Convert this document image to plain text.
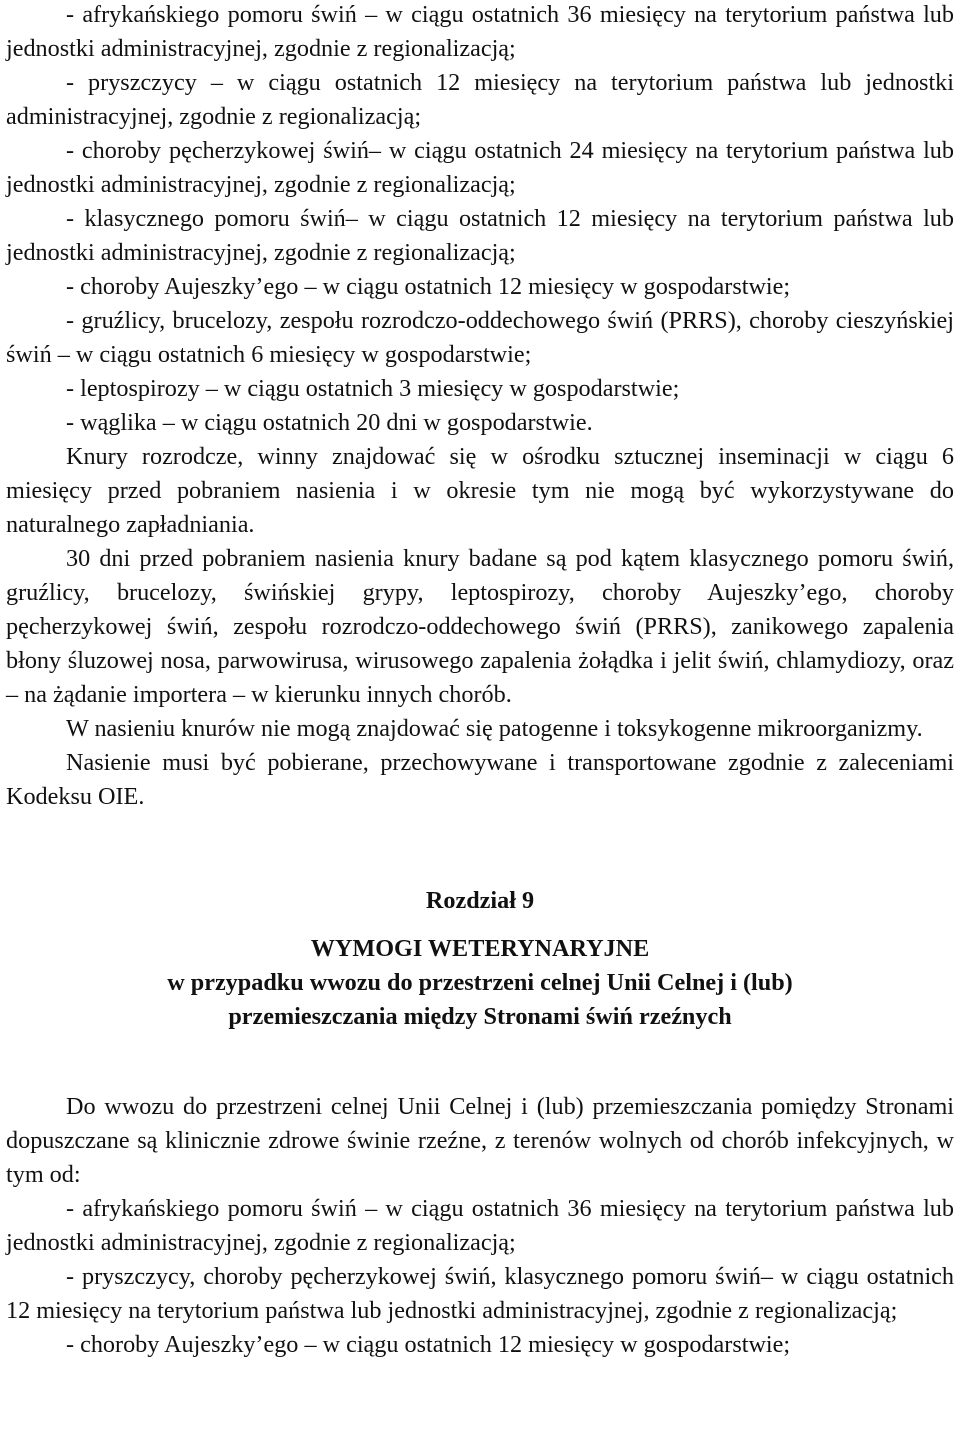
- afrykańskiego pomoru świń – w ciągu ostatnich 36 miesięcy na terytorium państwa lub jednostki administracyjnej, zgodnie z regionalizacją;

- pryszczycy – w ciągu ostatnich 12 miesięcy na terytorium państwa lub jednostki administracyjnej, zgodnie z regionalizacją;

- choroby pęcherzykowej świń– w ciągu ostatnich 24 miesięcy na terytorium państwa lub jednostki administracyjnej, zgodnie z regionalizacją;

- klasycznego pomoru świń– w ciągu ostatnich 12 miesięcy na terytorium państwa lub jednostki administracyjnej, zgodnie z regionalizacją;

- choroby Aujeszky’ego – w ciągu ostatnich 12 miesięcy w gospodarstwie;

- gruźlicy, brucelozy, zespołu rozrodczo-oddechowego świń (PRRS), choroby cieszyńskiej świń – w ciągu ostatnich 6 miesięcy w gospodarstwie;

- leptospirozy – w ciągu ostatnich 3 miesięcy w gospodarstwie;

- wąglika – w ciągu ostatnich 20 dni w gospodarstwie.

Knury rozrodcze, winny znajdować się w ośrodku sztucznej inseminacji w ciągu 6 miesięcy przed pobraniem nasienia i w okresie tym nie mogą być wykorzystywane do naturalnego zapładniania.

30 dni przed pobraniem nasienia knury badane są pod kątem klasycznego pomoru świń, gruźlicy, brucelozy, świńskiej grypy, leptospirozy, choroby Aujeszky’ego, choroby pęcherzykowej świń, zespołu rozrodczo-oddechowego świń (PRRS), zanikowego zapalenia błony śluzowej nosa, parwowirusa, wirusowego zapalenia żołądka i jelit świń, chlamydiozy, oraz – na żądanie importera – w kierunku innych chorób.

W nasieniu knurów nie mogą znajdować się patogenne i toksykogenne mikroorganizmy.

Nasienie musi być pobierane, przechowywane i transportowane zgodnie z zaleceniami Kodeksu OIE.

Rozdział 9
WYMOGI WETERYNARYJNE
w przypadku wwozu do przestrzeni celnej Unii Celnej i (lub)
przemieszczania między Stronami świń rzeźnych

Do wwozu do przestrzeni celnej Unii Celnej i (lub) przemieszczania pomiędzy Stronami dopuszczane są klinicznie zdrowe świnie rzeźne, z terenów wolnych od chorób infekcyjnych, w tym od:

- afrykańskiego pomoru świń – w ciągu ostatnich 36 miesięcy na terytorium państwa lub jednostki administracyjnej, zgodnie z regionalizacją;

- pryszczycy, choroby pęcherzykowej świń, klasycznego pomoru świń– w ciągu ostatnich 12 miesięcy na terytorium państwa lub jednostki administracyjnej, zgodnie z regionalizacją;

- choroby Aujeszky’ego – w ciągu ostatnich 12 miesięcy w gospodarstwie;
